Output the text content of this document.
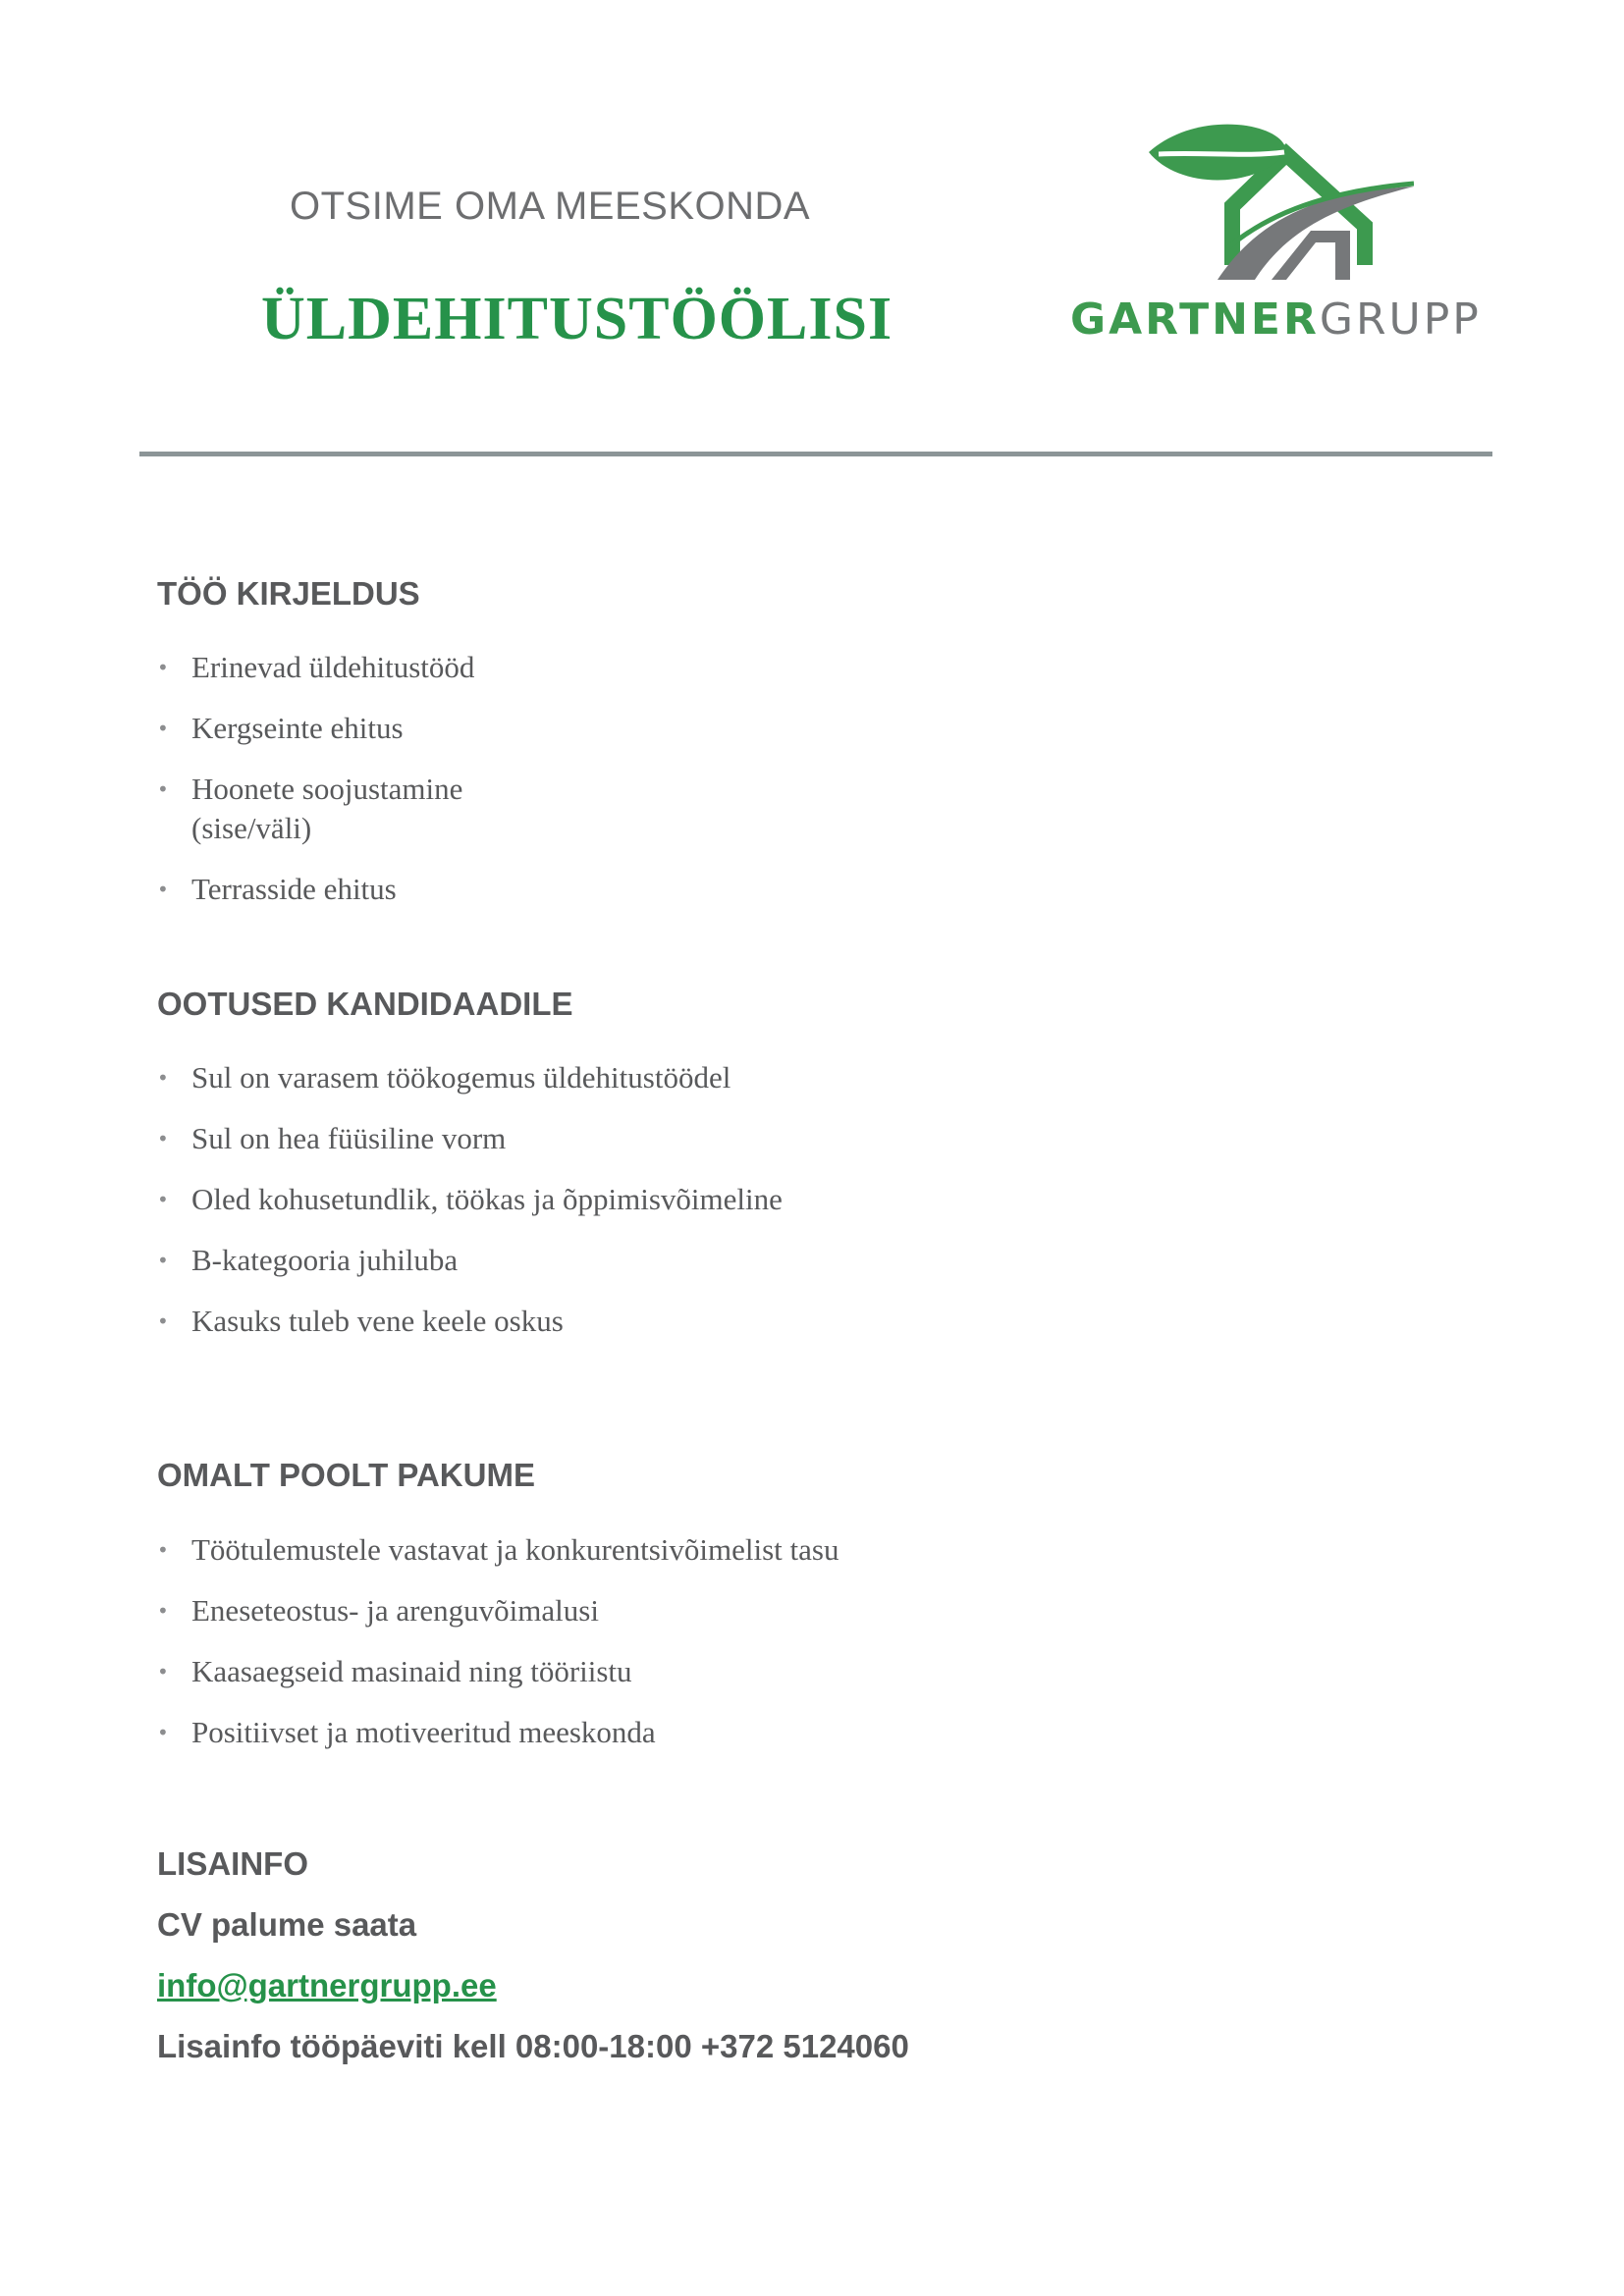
OTSIME OMA MEESKONDA
ÜLDEHITUSTÖÖLISI	GARTNERGRUPP
TÖÖ KIRJELDUS
• Erinevad üldehitustööd
• Kergseinte ehitus
• Hoonete soojustamine
(sise/väli)
• Terrasside ehitus
OOTUSED KANDIDAADILE
• Sul on varasem töökogemus üldehitustöödel
• Sul on hea füüsiline vorm
• Oled kohusetundlik, töökas ja õppimisvõimeline
• B-kategooria juhiluba
• Kasuks tuleb vene keele oskus
OMALT POOLT PAKUME
• Töötulemustele vastavat ja konkurentsivõimelist tasu
• Eneseteostus- ja arenguvõimalusi
• Kaasaegseid masinaid ning tööriistu
• Positiivset ja motiveeritud meeskonda
LISAINFO
CV palume saata
info@gartnergrupp.ee
Lisainfo tööpäeviti kell 08:00-18:00 +372 5124060
